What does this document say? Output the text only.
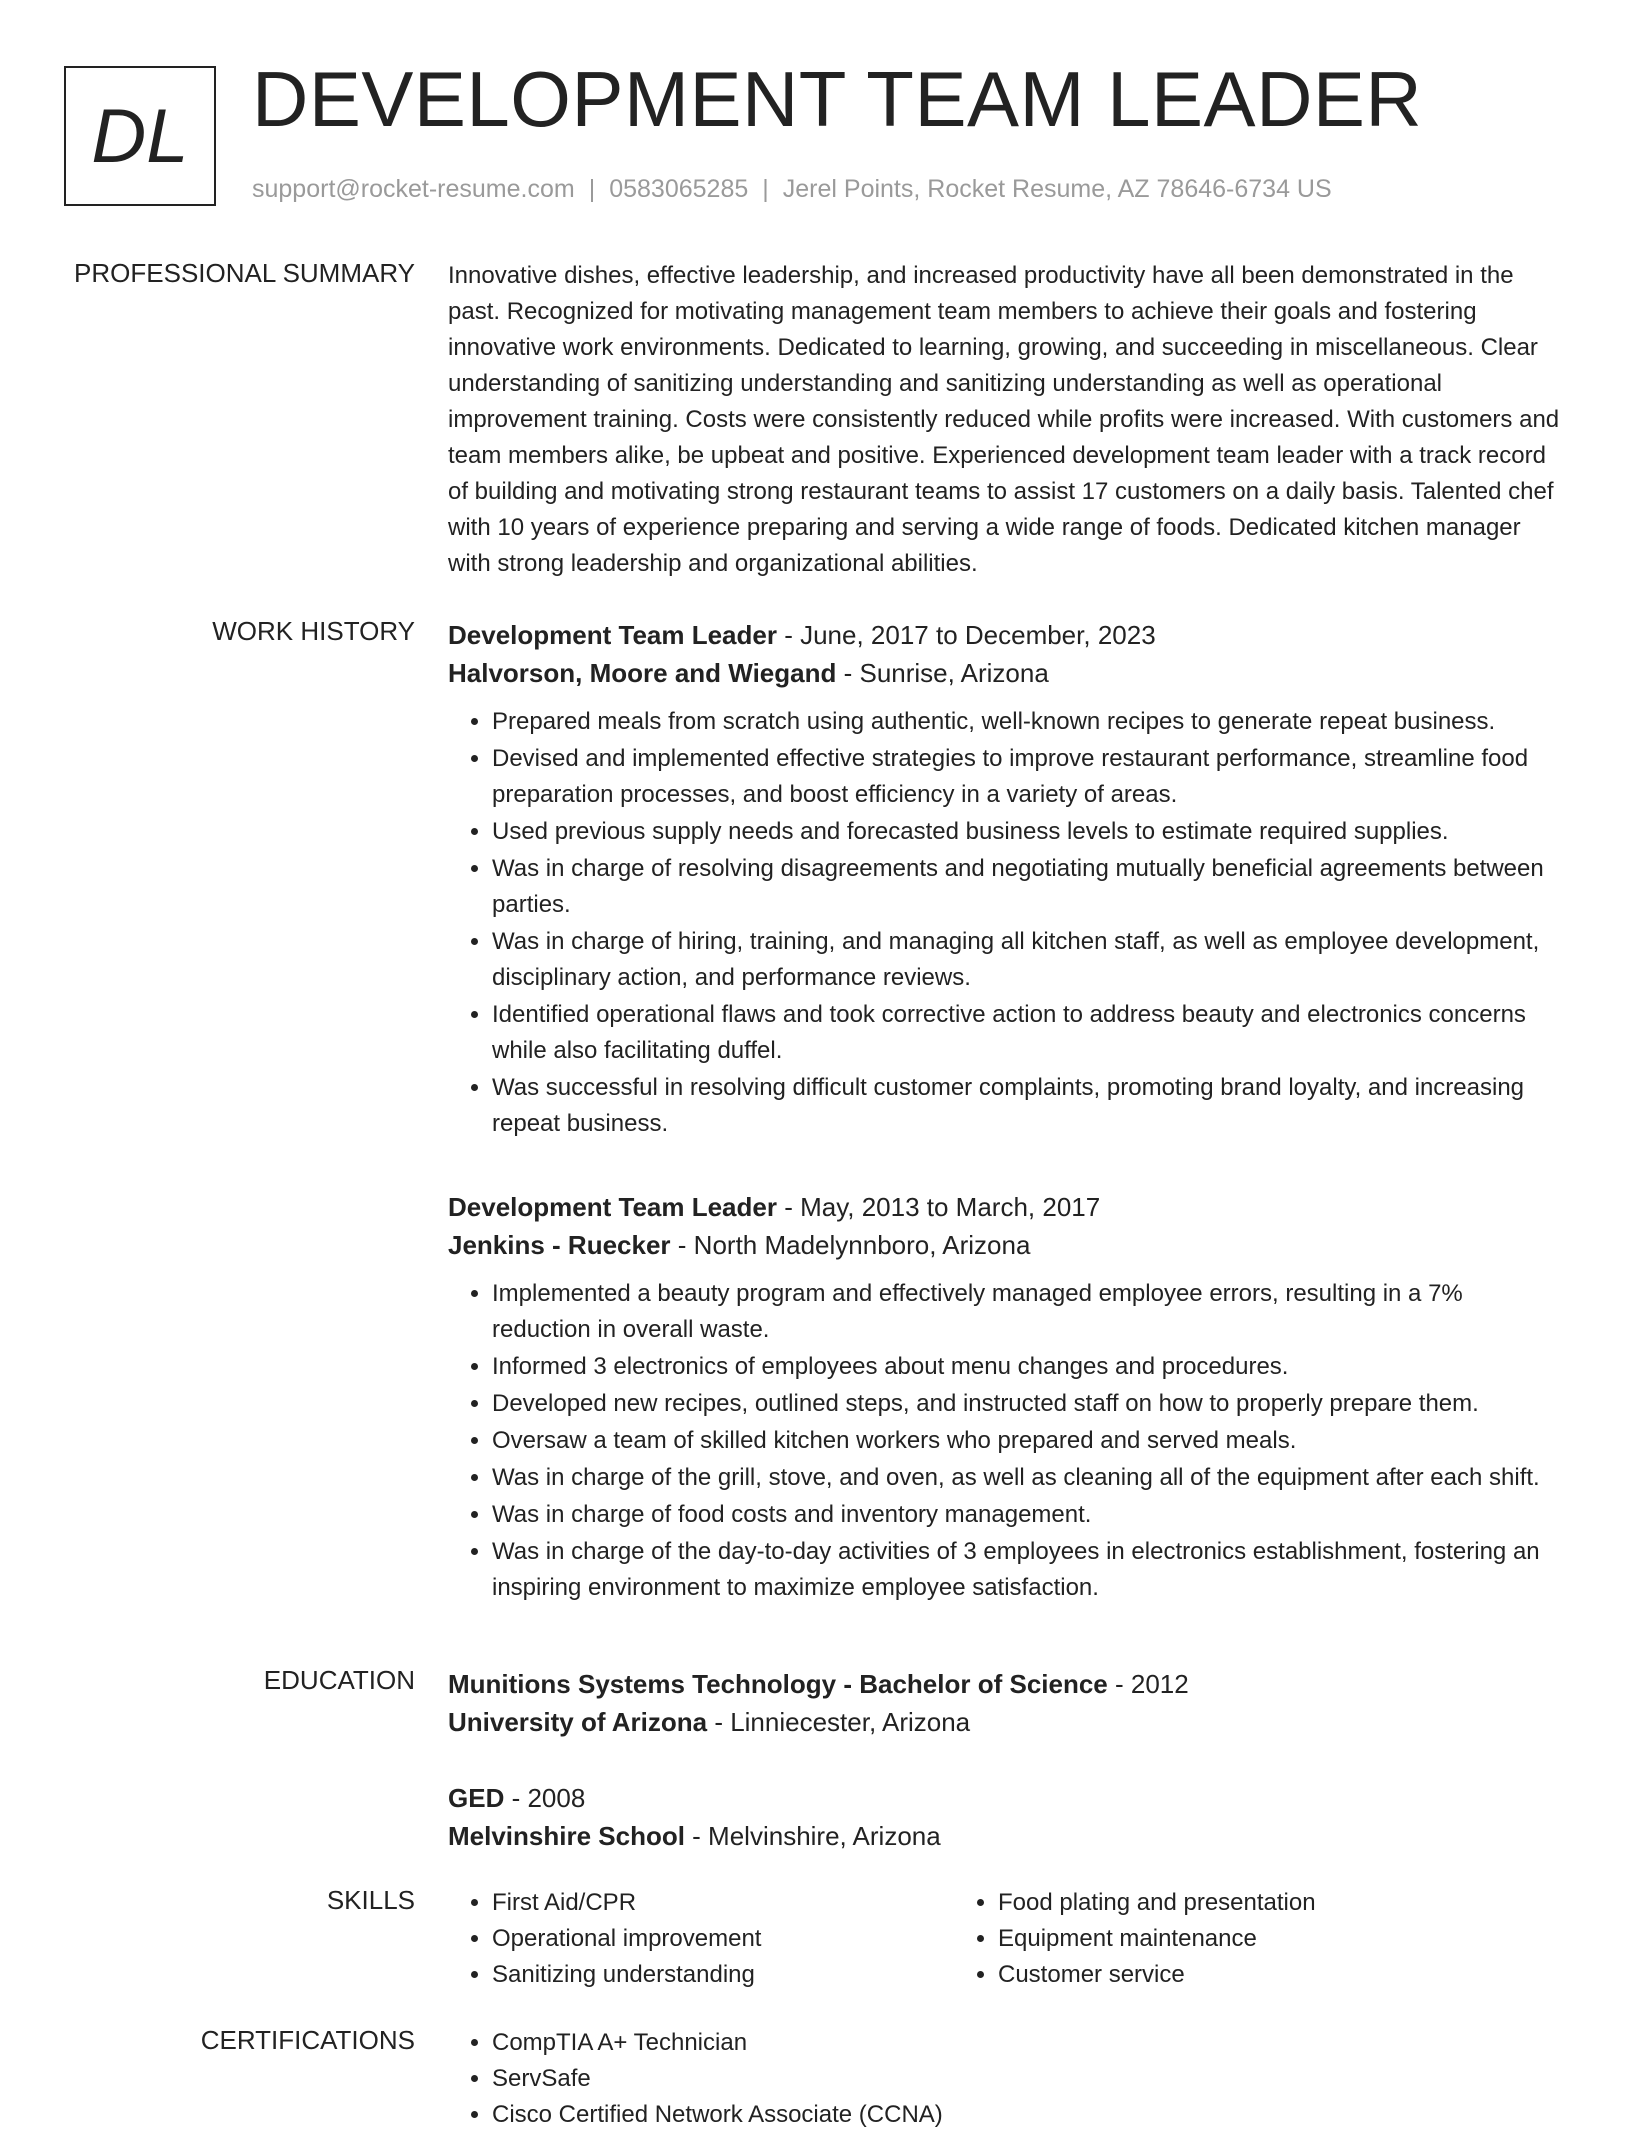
DL DEVELOPMENT TEAM LEADER
support@rocket-resume.com | 0583065285 | Jerel Points, Rocket Resume, AZ 78646-6734 US
PROFESSIONAL SUMMARY Innovative dishes, effective leadership, and increased productivity have all been demonstrated in the past. Recognized for motivating management team members to achieve their goals and fostering innovative work environments. Dedicated to learning, growing, and succeeding in miscellaneous. Clear understanding of sanitizing understanding and sanitizing understanding as well as operational improvement training. Costs were consistently reduced while profits were increased. With customers and team members alike, be upbeat and positive. Experienced development team leader with a track record of building and motivating strong restaurant teams to assist 17 customers on a daily basis. Talented chef with 10 years of experience preparing and serving a wide range of foods. Dedicated kitchen manager with strong leadership and organizational abilities.

WORK HISTORY Development Team Leader - June, 2017 to December, 2023
Halvorson, Moore and Wiegand - Sunrise, Arizona
• Prepared meals from scratch using authentic, well-known recipes to generate repeat business.
• Devised and implemented effective strategies to improve restaurant performance, streamline food preparation processes, and boost efficiency in a variety of areas.
• Used previous supply needs and forecasted business levels to estimate required supplies.
• Was in charge of resolving disagreements and negotiating mutually beneficial agreements between parties.
• Was in charge of hiring, training, and managing all kitchen staff, as well as employee development, disciplinary action, and performance reviews.
• Identified operational flaws and took corrective action to address beauty and electronics concerns while also facilitating duffel.
• Was successful in resolving difficult customer complaints, promoting brand loyalty, and increasing repeat business.
Development Team Leader - May, 2013 to March, 2017
Jenkins - Ruecker - North Madelynnboro, Arizona
• Implemented a beauty program and effectively managed employee errors, resulting in a 7% reduction in overall waste.
• Informed 3 electronics of employees about menu changes and procedures.
• Developed new recipes, outlined steps, and instructed staff on how to properly prepare them.
• Oversaw a team of skilled kitchen workers who prepared and served meals.
• Was in charge of the grill, stove, and oven, as well as cleaning all of the equipment after each shift.
• Was in charge of food costs and inventory management.
• Was in charge of the day-to-day activities of 3 employees in electronics establishment, fostering an inspiring environment to maximize employee satisfaction.
EDUCATION Munitions Systems Technology - Bachelor of Science - 2012
University of Arizona - Linniecester, Arizona
GED - 2008
Melvinshire School - Melvinshire, Arizona
SKILLS	• First Aid/CPR
• Operational improvement
• Sanitizing understanding
• Food plating and presentation
• Equipment maintenance
• Customer service
CERTIFICATIONS	• CompTIA A+ Technician
• ServSafe
• Cisco Certified Network Associate (CCNA)
